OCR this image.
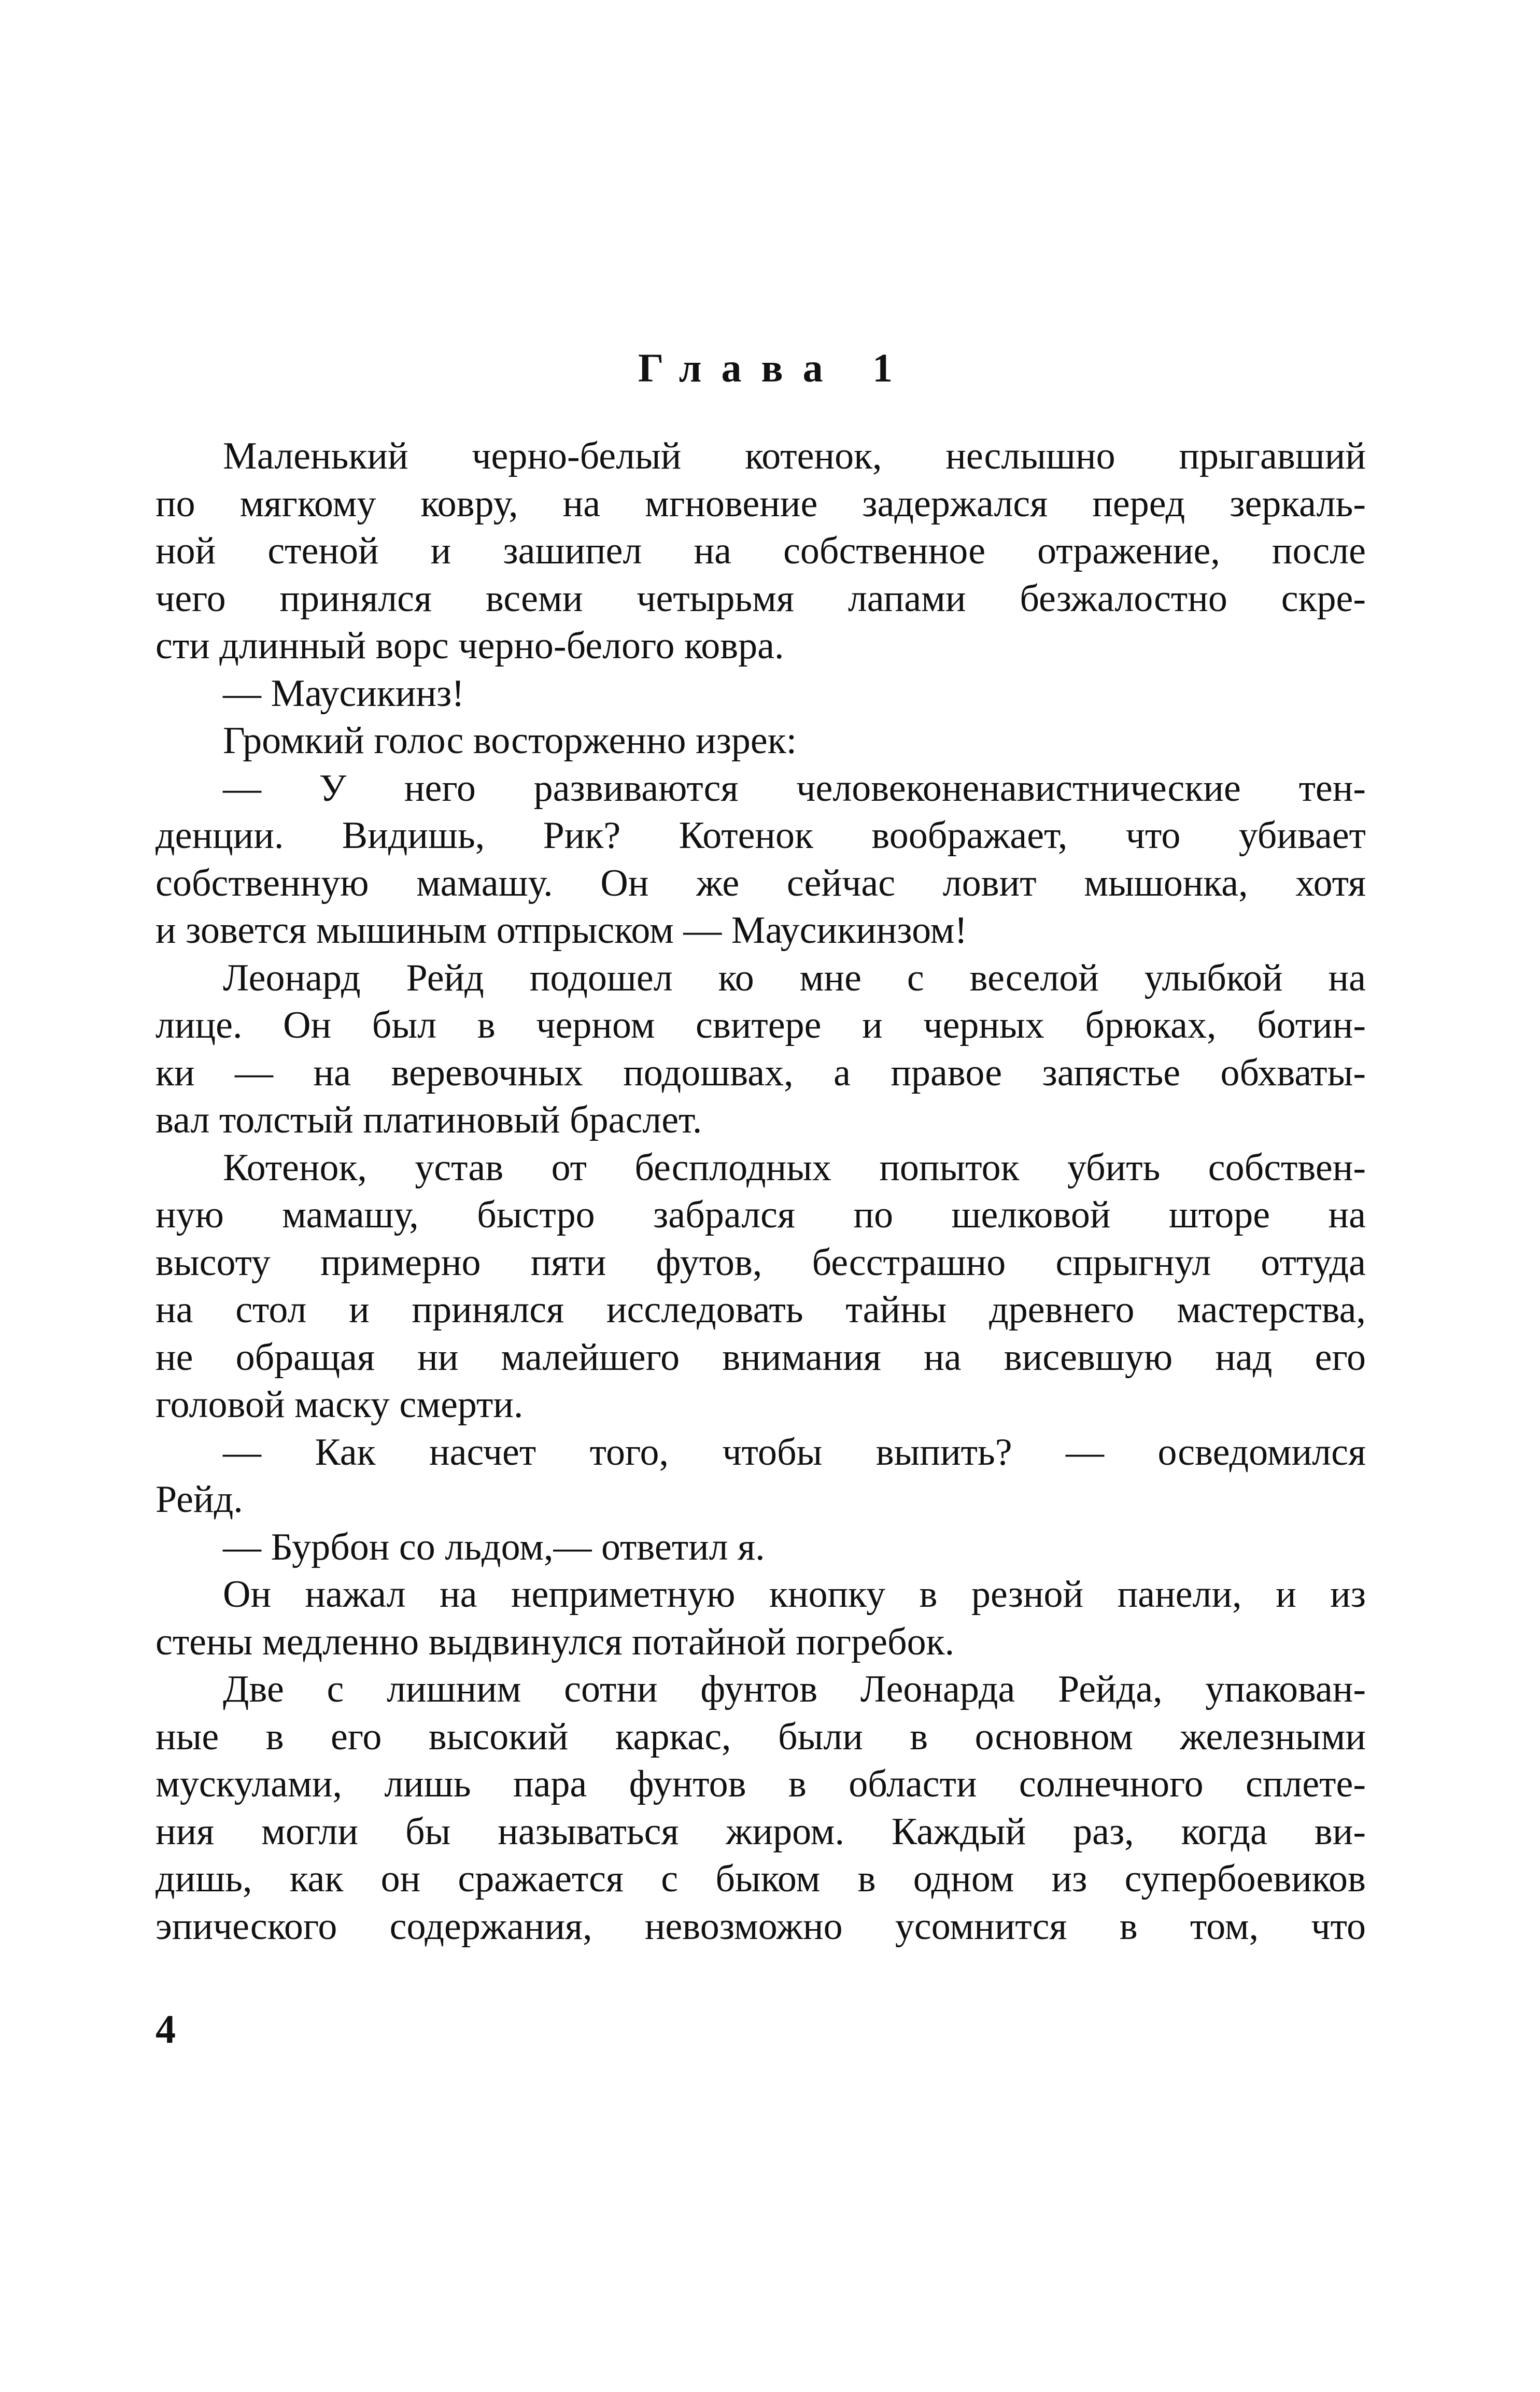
Глава 1
Маленький черно-белый котенок, неслышно прыгавший
по мягкому ковру, на мгновение задержался перед зеркаль-
ной стеной и зашипел на собственное отражение, после
чего принялся всеми четырьмя лапами безжалостно скре-
сти длинный ворс черно-белого ковра.
— Маусикинз!
Громкий голос восторженно изрек:
— У него развиваются человеконенавистнические тен-
денции. Видишь, Рик? Котенок воображает, что убивает
собственную мамашу. Он же сейчас ловит мышонка, хотя
и зовется мышиным отпрыском — Маусикинзом!
Леонард Рейд подошел ко мне с веселой улыбкой на
лице. Он был в черном свитере и черных брюках, ботин-
ки — на веревочных подошвах, а правое запястье обхваты-
вал толстый платиновый браслет.
Котенок, устав от бесплодных попыток убить собствен-
ную мамашу, быстро забрался по шелковой шторе на
высоту примерно пяти футов, бесстрашно спрыгнул оттуда
на стол и принялся исследовать тайны древнего мастерства,
не обращая ни малейшего внимания на висевшую над его
головой маску смерти.
— Как насчет того, чтобы выпить? — осведомился
Рейд.
— Бурбон со льдом,— ответил я.
Он нажал на неприметную кнопку в резной панели, и из
стены медленно выдвинулся потайной погребок.
Две с лишним сотни фунтов Леонарда Рейда, упакован-
ные в его высокий каркас, были в основном железными
мускулами, лишь пара фунтов в области солнечного сплете-
ния могли бы называться жиром. Каждый раз, когда ви-
дишь, как он сражается с быком в одном из супербоевиков
эпического содержания, невозможно усомнится в том, что
4
